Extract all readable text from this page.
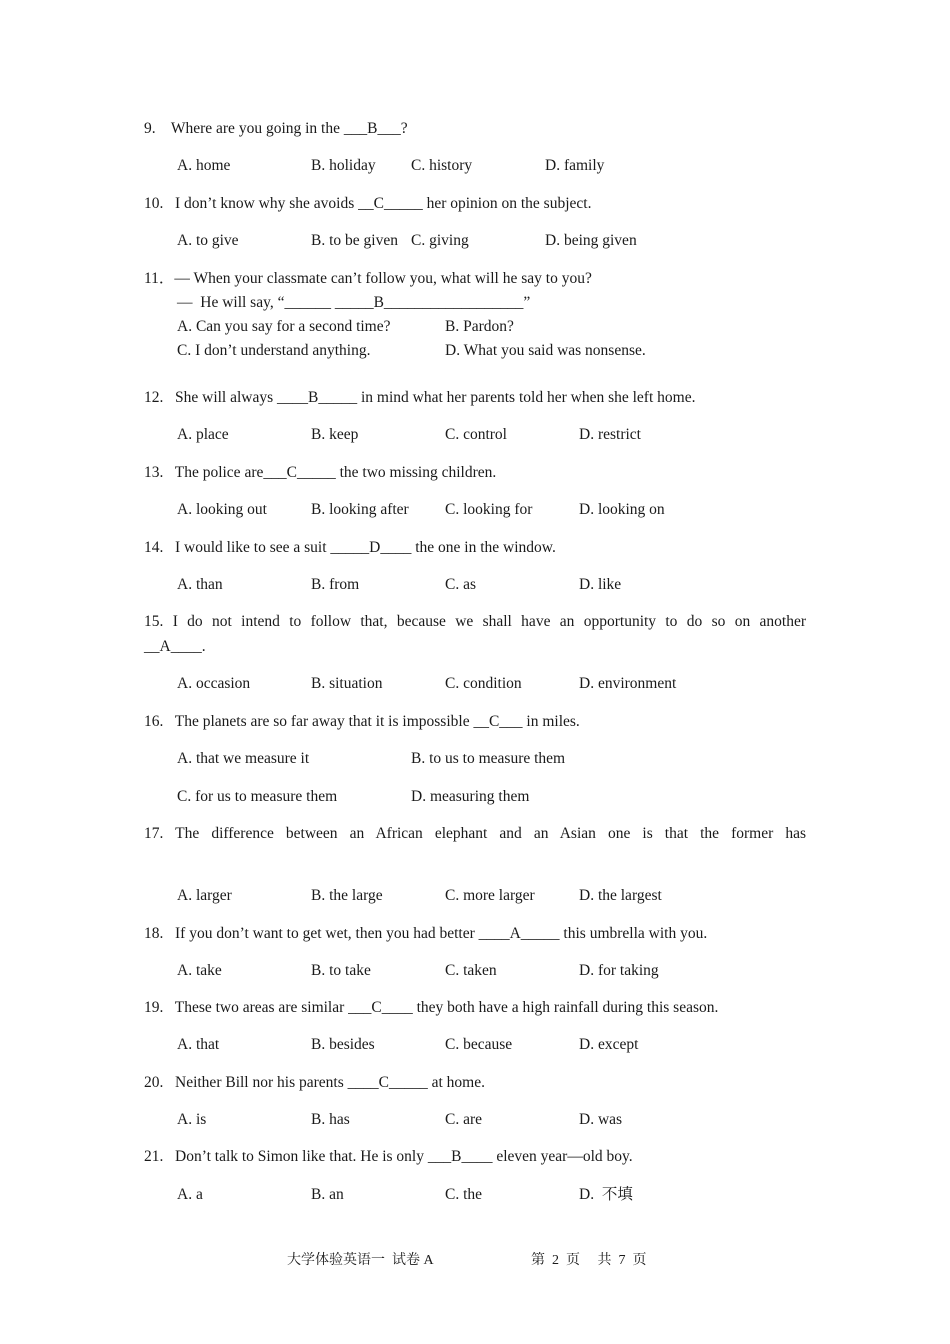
9.    Where are you going in the ___B___?
A. home	B. holiday C. history	D. family
10.   I don’t know why she avoids __C_____ her opinion on the subject.
A. to give	B. to be given C. giving	D. being given
11．— When your classmate can’t follow you, what will he say to you?
—  He will say, “______ _____B__________________”
A. Can you say for a second time?	B. Pardon?
C. I don’t understand anything.	D. What you said was nonsense.
12.   She will always ____B_____ in mind what her parents told her when she left home.
A. place	B. keep	C. control	D. restrict
13.   The police are___C_____ the two missing children.
A. looking out	B. looking after C. looking for	D. looking on
14.   I would like to see a suit _____D____ the one in the window.
A. than	B. from	C. as	D. like
15. I do not intend to follow that, because we shall have an opportunity to do so on another
__A____.
A. occasion	B. situation	C. condition	D. environment
16.   The planets are so far away that it is impossible __C___ in miles.
A. that we measure it	B. to us to measure them
C. for us to measure them	D. measuring them
17. The difference between an African elephant and an Asian one is that the former has
A. larger	B. the large	C. more larger	D. the largest
18.   If you don’t want to get wet, then you had better ____A_____ this umbrella with you.
A. take	B. to take	C. taken	D. for taking
19.   These two areas are similar ___C____ they both have a high rainfall during this season.
A. that	B. besides	C. because	D. except
20.   Neither Bill nor his parents ____C_____ at home.
A. is	B. has	C. are	D. was
21.   Don’t talk to Simon like that. He is only ___B____ eleven year—old boy.
A. a	B. an	C. the	D.  不填
大学体验英语一  试卷 A	第  2  页     共  7  页
